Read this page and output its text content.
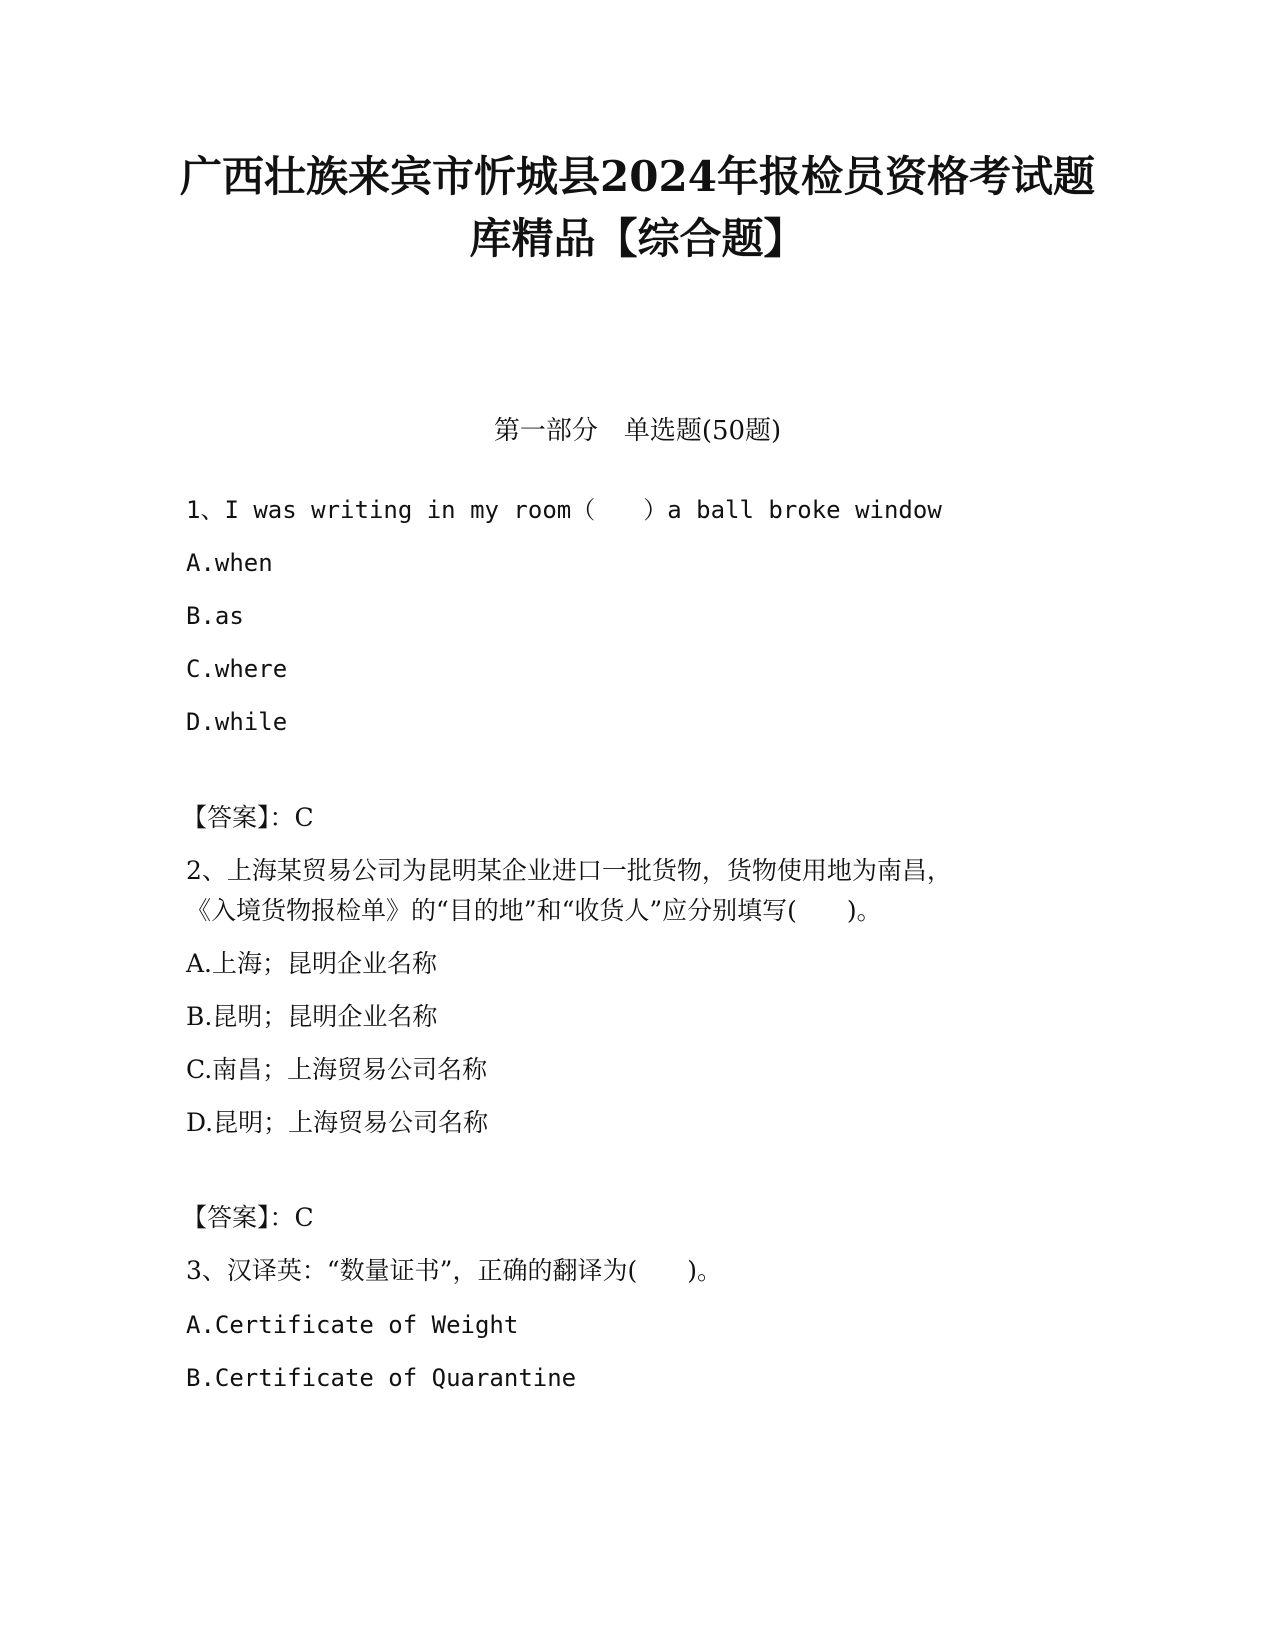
广西壮族来宾市忻城县2024年报检员资格考试题
库精品【综合题】

第一部分　单选题(50题)

1、I was writing in my room（　　）a ball broke window

A.when

B.as

C.where

D.while

【答案】：C

2、上海某贸易公司为昆明某企业进口一批货物，货物使用地为南昌，

《入境货物报检单》的“目的地”和“收货人”应分别填写(　　)。

A.上海；昆明企业名称

B.昆明；昆明企业名称

C.南昌；上海贸易公司名称

D.昆明；上海贸易公司名称

【答案】：C

3、汉译英：“数量证书”，正确的翻译为(　　)。

A.Certificate of Weight

B.Certificate of Quarantine
